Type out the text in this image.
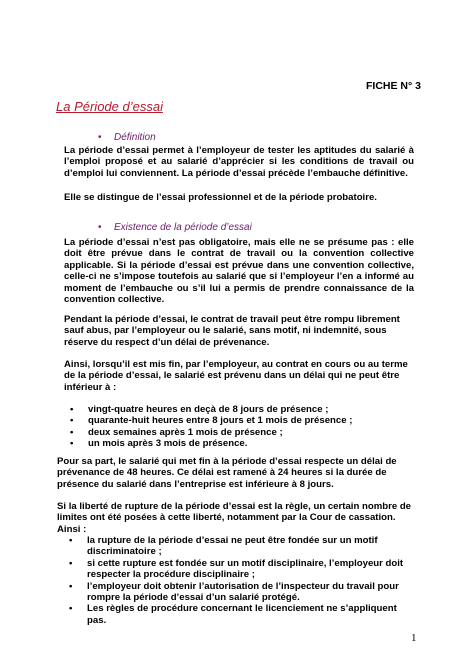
FICHE N° 3
La Période d’essai
• Définition
La période d’essai permet à l’employeur de tester les aptitudes du salarié à l’emploi proposé et au salarié d’apprécier si les conditions de travail ou d’emploi lui conviennent. La période d’essai précède l’embauche définitive.
Elle se distingue de l’essai professionnel et de la période probatoire.
• Existence de la période d’essai
La période d’essai n’est pas obligatoire, mais elle ne se présume pas : elle doit être prévue dans le contrat de travail ou la convention collective applicable. Si la période d’essai est prévue dans une convention collective, celle-ci ne s’impose toutefois au salarié que si l’employeur l’en a informé au moment de l’embauche ou s’il lui a permis de prendre connaissance de la convention collective.
Pendant la période d’essai, le contrat de travail peut être rompu librement sauf abus, par l’employeur ou le salarié, sans motif, ni indemnité, sous réserve du respect d’un délai de prévenance.
Ainsi, lorsqu’il est mis fin, par l’employeur, au contrat en cours ou au terme de la période d’essai, le salarié est prévenu dans un délai qui ne peut être inférieur à :
• vingt-quatre heures en deçà de 8 jours de présence ;
• quarante-huit heures entre 8 jours et 1 mois de présence ;
• deux semaines après 1 mois de présence ;
• un mois après 3 mois de présence.
Pour sa part, le salarié qui met fin à la période d’essai respecte un délai de prévenance de 48 heures. Ce délai est ramené à 24 heures si la durée de présence du salarié dans l’entreprise est inférieure à 8 jours.
Si la liberté de rupture de la période d’essai est la règle, un certain nombre de limites ont été posées à cette liberté, notamment par la Cour de cassation. Ainsi :
• la rupture de la période d’essai ne peut être fondée sur un motif discriminatoire ;
• si cette rupture est fondée sur un motif disciplinaire, l’employeur doit respecter la procédure disciplinaire ;
• l’employeur doit obtenir l’autorisation de l’inspecteur du travail pour rompre la période d’essai d’un salarié protégé.
• Les règles de procédure concernant le licenciement ne s’appliquent pas.
1
